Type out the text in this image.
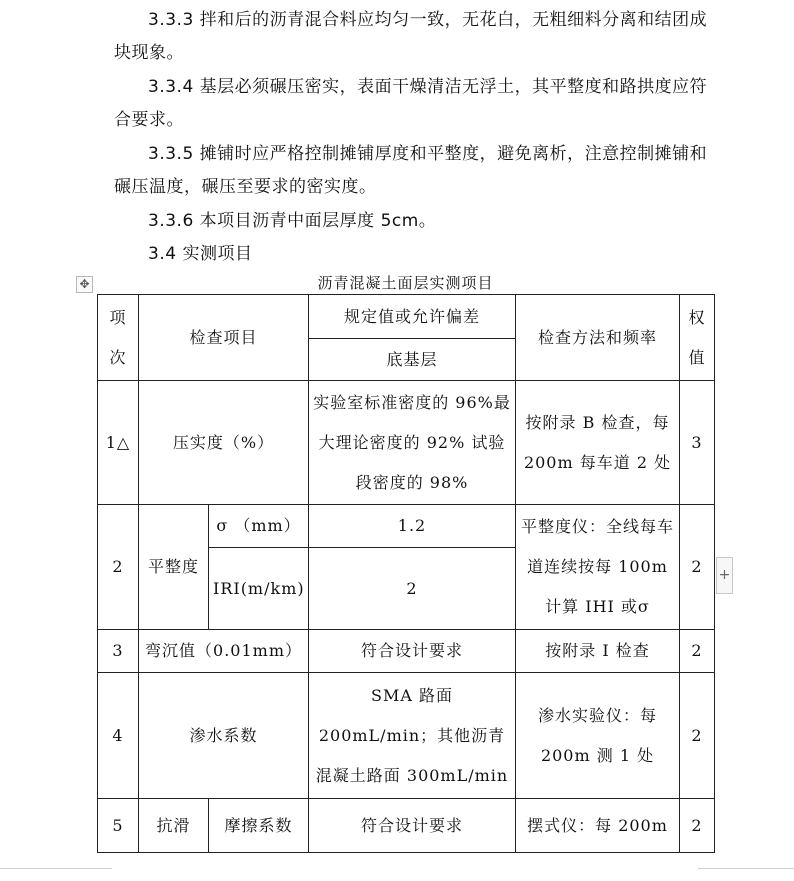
3.3.3 拌和后的沥青混合料应均匀一致，无花白，无粗细料分离和结团成块现象。

3.3.4 基层必须碾压密实，表面干燥清洁无浮土，其平整度和路拱度应符合要求。

3.3.5 摊铺时应严格控制摊铺厚度和平整度，避免离析，注意控制摊铺和碾压温度，碾压至要求的密实度。

3.3.6 本项目沥青中面层厚度 5cm。

3.4 实测项目

✥	沥青混凝土面层实测项目
项次	检查项目		规定值或允许偏差	检查方法和频率	权值
			底基层		
1△	压实度（%）		实验室标准密度的 96%最大理论密度的 92% 试验段密度的 98%	按附录 B 检查，每 200m 每车道 2 处	3
2	平整度	σ （mm）	1.2	平整度仪：全线每车道连续按每 100m计算 IHI 或σ	2
		IRI(m/km)	2		
3	弯沉值（0.01mm）		符合设计要求	按附录 I 检查	2
4	渗水系数		SMA 路面 200mL/min；其他沥青混凝土路面 300mL/min	渗水实验仪：每 200m 测 1 处	2
5	抗滑	摩擦系数	符合设计要求	摆式仪：每 200m	2
+
